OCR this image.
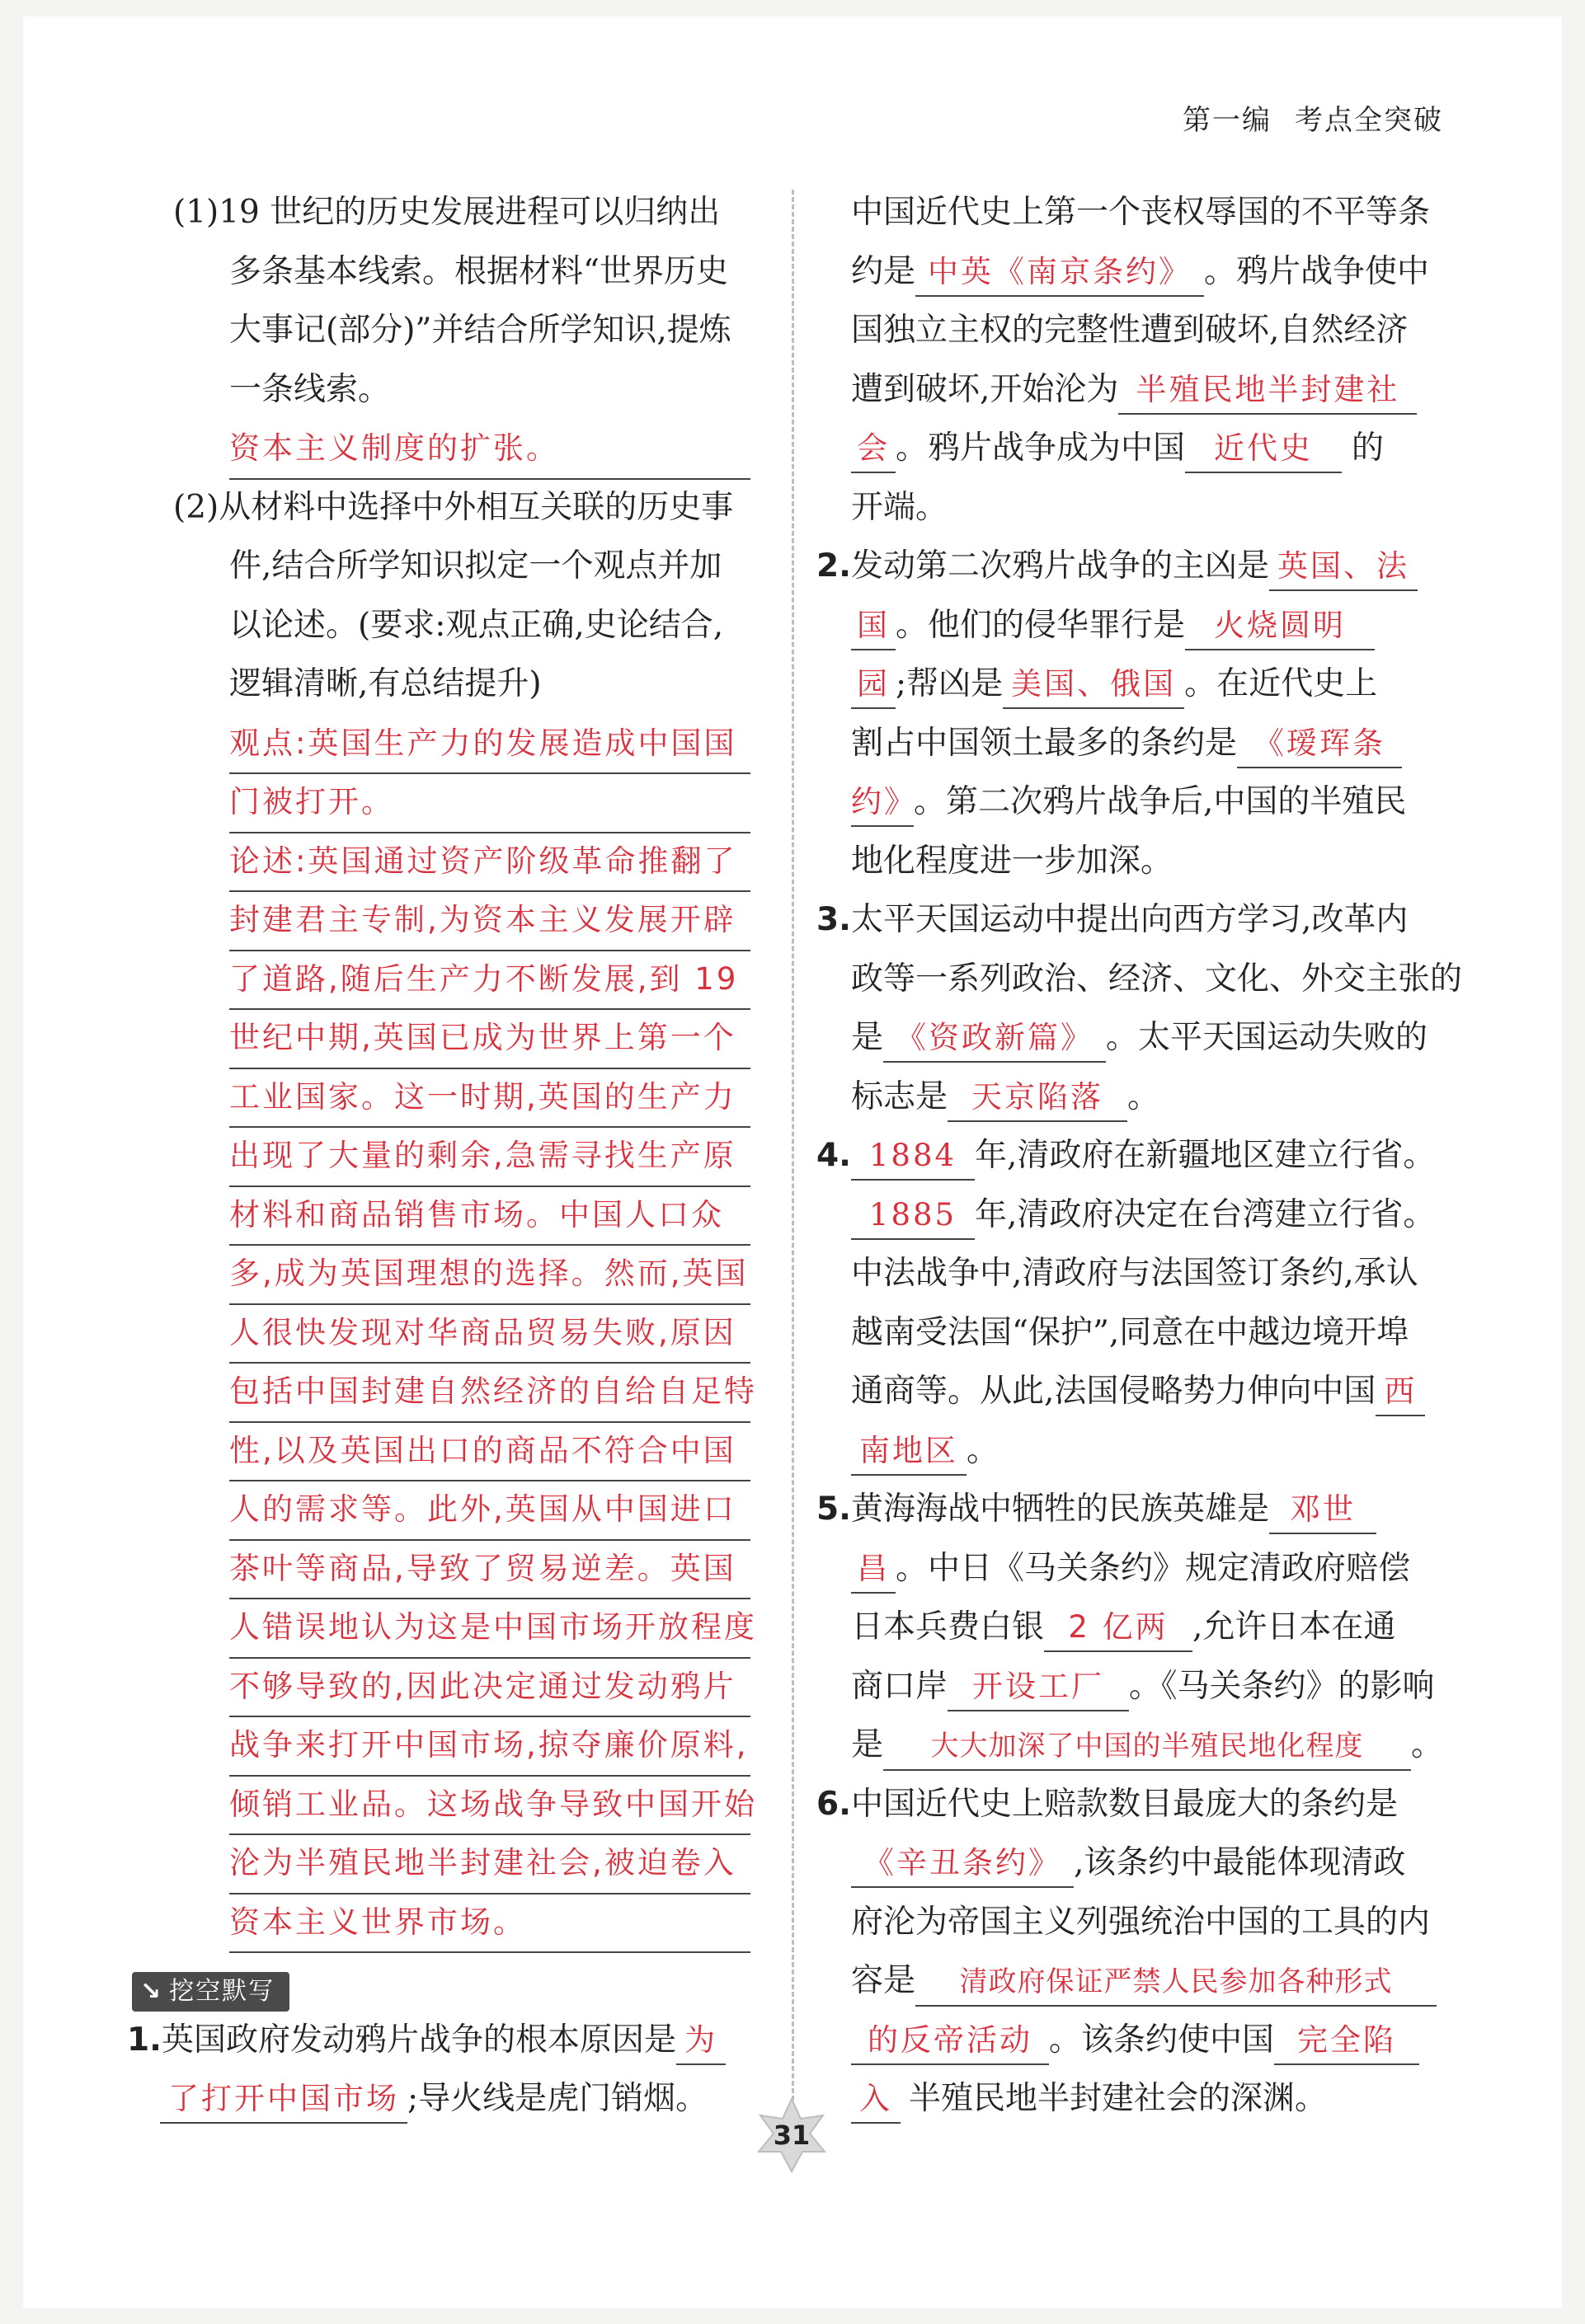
第一编 考点全突破
(1)19 世纪的历史发展进程可以归纳出
多条基本线索。根据材料“世界历史
大事记(部分)”并结合所学知识,提炼
一条线索。
资本主义制度的扩张。
(2)从材料中选择中外相互关联的历史事
件,结合所学知识拟定一个观点并加
以论述。(要求:观点正确,史论结合,
逻辑清晰,有总结提升)
观点:英国生产力的发展造成中国国
门被打开。
论述:英国通过资产阶级革命推翻了
封建君主专制,为资本主义发展开辟
了道路,随后生产力不断发展,到 19
世纪中期,英国已成为世界上第一个
工业国家。这一时期,英国的生产力
出现了大量的剩余,急需寻找生产原
材料和商品销售市场。中国人口众
多,成为英国理想的选择。然而,英国
人很快发现对华商品贸易失败,原因
包括中国封建自然经济的自给自足特
性,以及英国出口的商品不符合中国
人的需求等。此外,英国从中国进口
茶叶等商品,导致了贸易逆差。英国
人错误地认为这是中国市场开放程度
不够导致的,因此决定通过发动鸦片
战争来打开中国市场,掠夺廉价原料,
倾销工业品。这场战争导致中国开始
沦为半殖民地半封建社会,被迫卷入
资本主义世界市场。
↘ 挖空默写
1.英国政府发动鸦片战争的根本原因是 为
了打开中国市场 ;导火线是虎门销烟。
中国近代史上第一个丧权辱国的不平等条
约是 中英《南京条约》 。鸦片战争使中
国独立主权的完整性遭到破坏,自然经济
遭到破坏,开始沦为 半殖民地半封建社
会 。鸦片战争成为中国 近代史 的
开端。
2.发动第二次鸦片战争的主凶是 英国、法
国 。他们的侵华罪行是 火烧圆明
园 ;帮凶是 美国、俄国 。在近代史上
割占中国领土最多的条约是 《瑷珲条
约》。第二次鸦片战争后,中国的半殖民
地化程度进一步加深。
3.太平天国运动中提出向西方学习,改革内
政等一系列政治、经济、文化、外交主张的
是 《资政新篇》 。太平天国运动失败的
标志是 天京陷落 。
4. 1884 年,清政府在新疆地区建立行省。
1885 年,清政府决定在台湾建立行省。
中法战争中,清政府与法国签订条约,承认
越南受法国“保护”,同意在中越边境开埠
通商等。从此,法国侵略势力伸向中国 西
南地区 。
5.黄海海战中牺牲的民族英雄是 邓世
昌 。中日《马关条约》规定清政府赔偿
日本兵费白银 2 亿两 ,允许日本在通
商口岸 开设工厂 。《马关条约》的影响
是 大大加深了中国的半殖民地化程度 。
6.中国近代史上赔款数目最庞大的条约是
《辛丑条约》 ,该条约中最能体现清政
府沦为帝国主义列强统治中国的工具的内
容是 清政府保证严禁人民参加各种形式
的反帝活动 。该条约使中国 完全陷
入 半殖民地半封建社会的深渊。
31
